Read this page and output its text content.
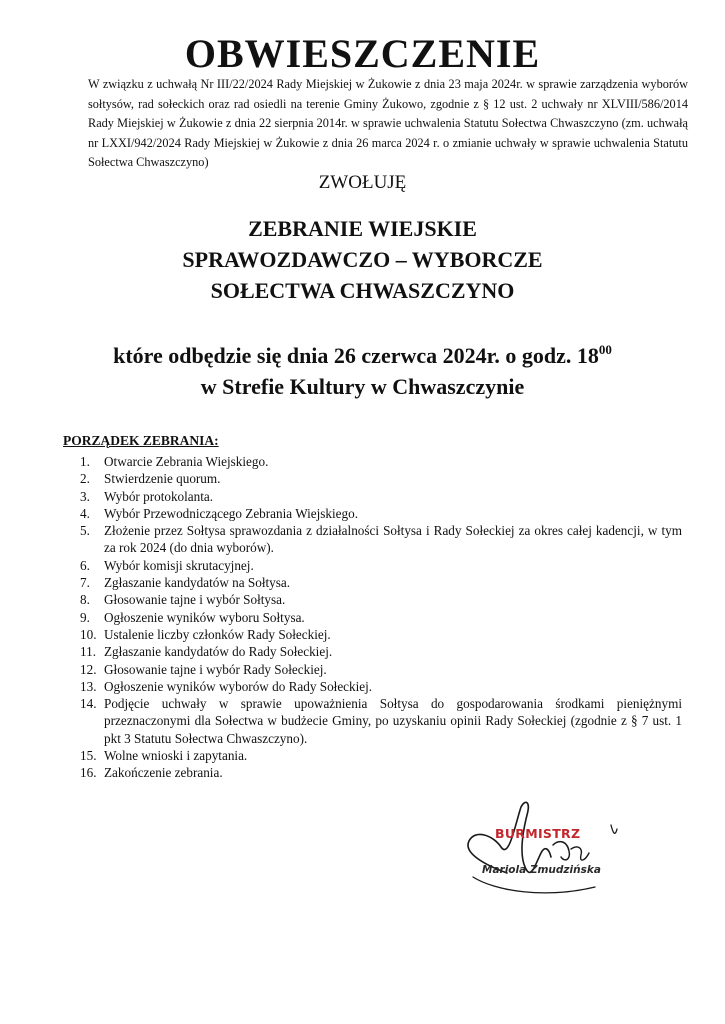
OBWIESZCZENIE
W związku z uchwałą Nr III/22/2024 Rady Miejskiej w Żukowie z dnia 23 maja 2024r. w sprawie zarządzenia wyborów sołtysów, rad sołeckich oraz rad osiedli na terenie Gminy Żukowo, zgodnie z § 12 ust. 2 uchwały nr XLVIII/586/2014 Rady Miejskiej w Żukowie z dnia 22 sierpnia 2014r. w sprawie uchwalenia Statutu Sołectwa Chwaszczyno (zm. uchwałą nr LXXI/942/2024 Rady Miejskiej w Żukowie z dnia 26 marca 2024 r. o zmianie uchwały w sprawie uchwalenia Statutu Sołectwa Chwaszczyno)
ZWOŁUJĘ
ZEBRANIE WIEJSKIE
SPRAWOZDAWCZO – WYBORCZE
SOŁECTWA CHWASZCZYNO
które odbędzie się dnia 26 czerwca 2024r. o godz. $18^{00}$
w Strefie Kultury w Chwaszczynie
PORZĄDEK ZEBRANIA:
1.	Otwarcie Zebrania Wiejskiego.
2.	Stwierdzenie quorum.
3.	Wybór protokolanta.
4.	Wybór Przewodniczącego Zebrania Wiejskiego.
5.	Złożenie przez Sołtysa sprawozdania z działalności Sołtysa i Rady Sołeckiej za okres całej kadencji, w tym za rok 2024 (do dnia wyborów).
6.	Wybór komisji skrutacyjnej.
7.	Zgłaszanie kandydatów na Sołtysa.
8.	Głosowanie tajne i wybór Sołtysa.
9.	Ogłoszenie wyników wyboru Sołtysa.
10. Ustalenie liczby członków Rady Sołeckiej.
11. Zgłaszanie kandydatów do Rady Sołeckiej.
12. Głosowanie tajne i wybór Rady Sołeckiej.
13. Ogłoszenie wyników wyborów do Rady Sołeckiej.
14. Podjęcie uchwały w sprawie upoważnienia Sołtysa do gospodarowania środkami pieniężnymi przeznaczonymi dla Sołectwa w budżecie Gminy, po uzyskaniu opinii Rady Sołeckiej (zgodnie z § 7 ust. 1 pkt 3 Statutu Sołectwa Chwaszczyno).
15. Wolne wnioski i zapytania.
16. Zakończenie zebrania.
BURMISTRZ
Mariola Zmudzińska
